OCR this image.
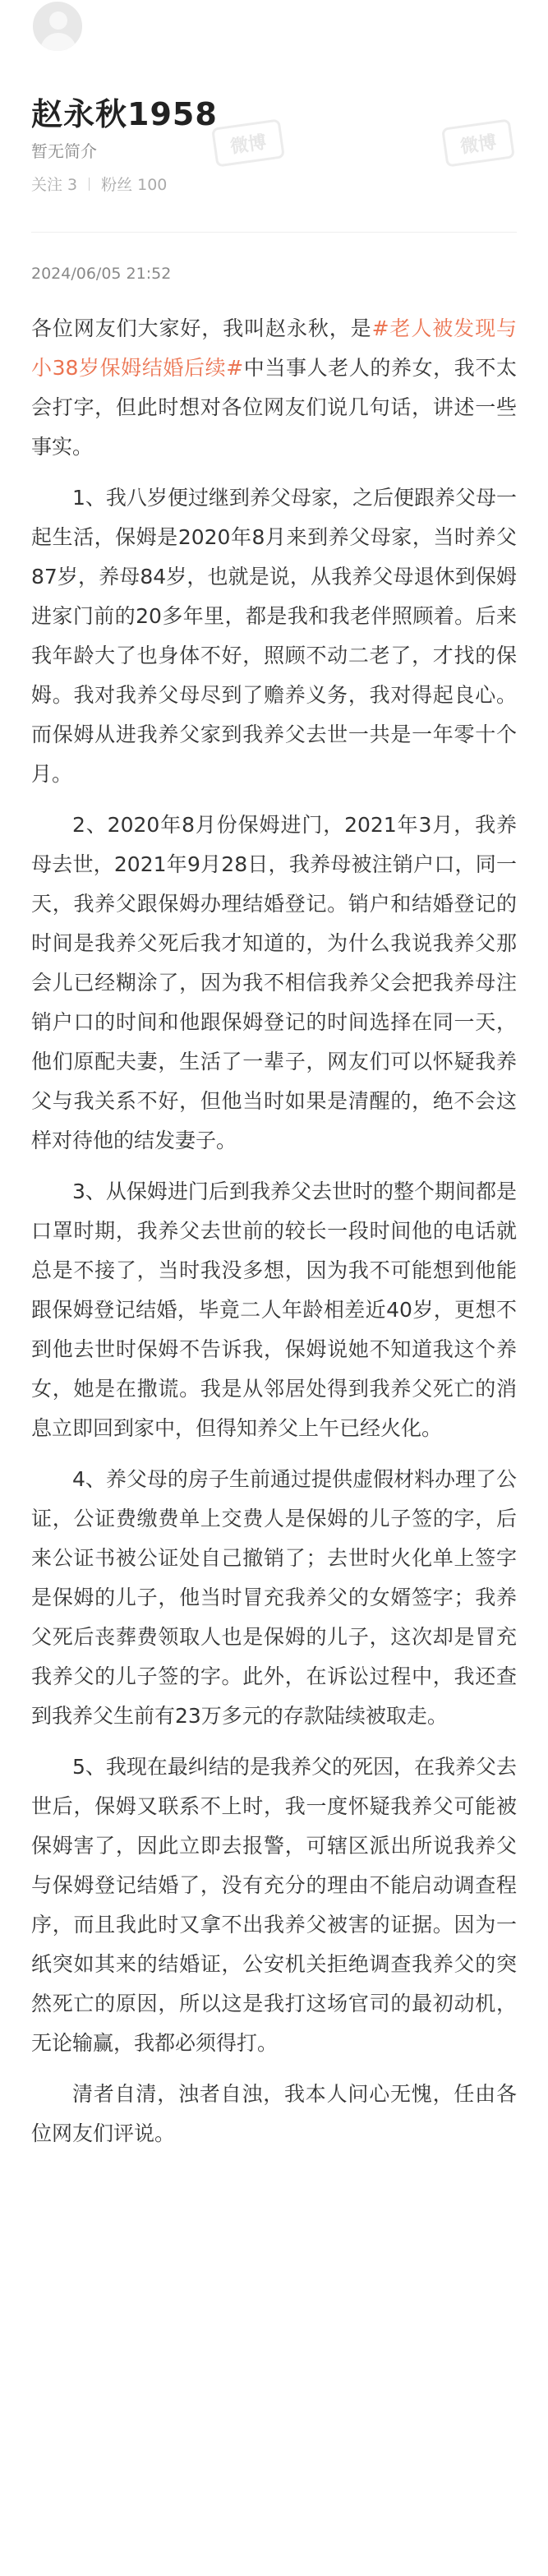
赵永秋1958
暂无简介
关注 3 粉丝 100
2024/06/05 21:52

各位网友们大家好，我叫赵永秋，是#老人被发现与小38岁保姆结婚后续#中当事人老人的养女，我不太会打字，但此时想对各位网友们说几句话，讲述一些事实。

1、我八岁便过继到养父母家，之后便跟养父母一起生活，保姆是2020年8月来到养父母家，当时养父87岁，养母84岁，也就是说，从我养父母退休到保姆进家门前的20多年里，都是我和我老伴照顾着。后来我年龄大了也身体不好，照顾不动二老了，才找的保姆。我对我养父母尽到了赡养义务，我对得起良心。而保姆从进我养父家到我养父去世一共是一年零十个月。

2、2020年8月份保姆进门，2021年3月，我养母去世，2021年9月28日，我养母被注销户口，同一天，我养父跟保姆办理结婚登记。销户和结婚登记的时间是我养父死后我才知道的，为什么我说我养父那会儿已经糊涂了，因为我不相信我养父会把我养母注销户口的时间和他跟保姆登记的时间选择在同一天，他们原配夫妻，生活了一辈子，网友们可以怀疑我养父与我关系不好，但他当时如果是清醒的，绝不会这样对待他的结发妻子。

3、从保姆进门后到我养父去世时的整个期间都是口罩时期，我养父去世前的较长一段时间他的电话就总是不接了，当时我没多想，因为我不可能想到他能跟保姆登记结婚，毕竟二人年龄相差近40岁，更想不到他去世时保姆不告诉我，保姆说她不知道我这个养女，她是在撒谎。我是从邻居处得到我养父死亡的消息立即回到家中，但得知养父上午已经火化。

4、养父母的房子生前通过提供虚假材料办理了公证，公证费缴费单上交费人是保姆的儿子签的字，后来公证书被公证处自己撤销了；去世时火化单上签字是保姆的儿子，他当时冒充我养父的女婿签字；我养父死后丧葬费领取人也是保姆的儿子，这次却是冒充我养父的儿子签的字。此外，在诉讼过程中，我还查到我养父生前有23万多元的存款陆续被取走。

5、我现在最纠结的是我养父的死因，在我养父去世后，保姆又联系不上时，我一度怀疑我养父可能被保姆害了，因此立即去报警，可辖区派出所说我养父与保姆登记结婚了，没有充分的理由不能启动调查程序，而且我此时又拿不出我养父被害的证据。因为一纸突如其来的结婚证，公安机关拒绝调查我养父的突然死亡的原因，所以这是我打这场官司的最初动机，无论输赢，我都必须得打。

清者自清，浊者自浊，我本人问心无愧，任由各位网友们评说。

微博	微博
